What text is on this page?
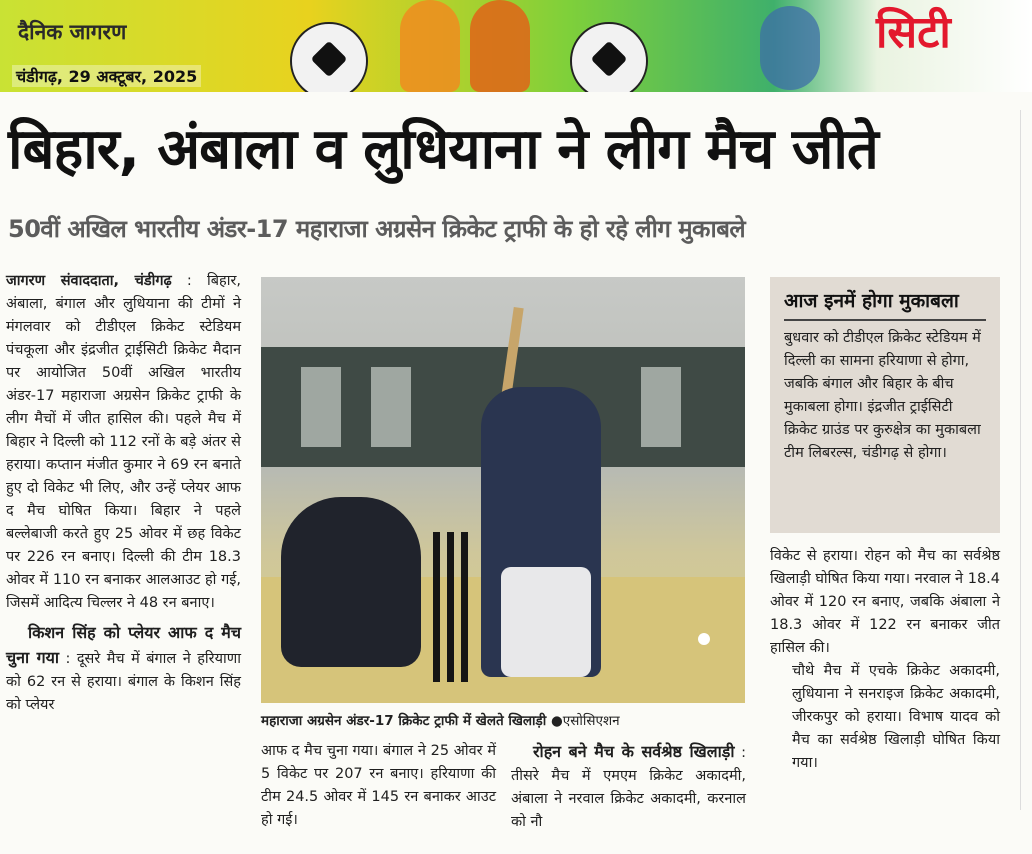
दैनिक जागरण
चंडीगढ़, 29 अक्टूबर, 2025
सिटी
बिहार, अंबाला व लुधियाना ने लीग मैच जीते
50वीं अखिल भारतीय अंडर-17 महाराजा अग्रसेन क्रिकेट ट्राफी के हो रहे लीग मुकाबले
जागरण संवाददाता, चंडीगढ़ : बिहार, अंबाला, बंगाल और लुधियाना की टीमों ने मंगलवार को टीडीएल क्रिकेट स्टेडियम पंचकूला और इंद्रजीत ट्राईसिटी क्रिकेट मैदान पर आयोजित 50वीं अखिल भारतीय अंडर-17 महाराजा अग्रसेन क्रिकेट ट्राफी के लीग मैचों में जीत हासिल की। पहले मैच में बिहार ने दिल्ली को 112 रनों के बड़े अंतर से हराया। कप्तान मंजीत कुमार ने 69 रन बनाते हुए दो विकेट भी लिए, और उन्हें प्लेयर आफ द मैच घोषित किया। बिहार ने पहले बल्लेबाजी करते हुए 25 ओवर में छह विकेट पर 226 रन बनाए। दिल्ली की टीम 18.3 ओवर में 110 रन बनाकर आलआउट हो गई, जिसमें आदित्य चिल्लर ने 48 रन बनाए।
किशन सिंह को प्लेयर आफ द मैच चुना गया : दूसरे मैच में बंगाल ने हरियाणा को 62 रन से हराया। बंगाल के किशन सिंह को प्लेयर
महाराजा अग्रसेन अंडर-17 क्रिकेट ट्राफी में खेलते खिलाड़ी ●एसोसिएशन
आफ द मैच चुना गया। बंगाल ने 25 ओवर में 5 विकेट पर 207 रन बनाए। हरियाणा की टीम 24.5 ओवर में 145 रन बनाकर आउट हो गई।
रोहन बने मैच के सर्वश्रेष्ठ खिलाड़ी : तीसरे मैच में एमएम क्रिकेट अकादमी, अंबाला ने नरवाल क्रिकेट अकादमी, करनाल को नौ
आज इनमें होगा मुकाबला
बुधवार को टीडीएल क्रिकेट स्टेडियम में दिल्ली का सामना हरियाणा से होगा, जबकि बंगाल और बिहार के बीच मुकाबला होगा। इंद्रजीत ट्राईसिटी क्रिकेट ग्राउंड पर कुरुक्षेत्र का मुकाबला टीम लिबरल्स, चंडीगढ़ से होगा।
विकेट से हराया। रोहन को मैच का सर्वश्रेष्ठ खिलाड़ी घोषित किया गया। नरवाल ने 18.4 ओवर में 120 रन बनाए, जबकि अंबाला ने 18.3 ओवर में 122 रन बनाकर जीत हासिल की।
चौथे मैच में एचके क्रिकेट अकादमी, लुधियाना ने सनराइज क्रिकेट अकादमी, जीरकपुर को हराया। विभाष यादव को मैच का सर्वश्रेष्ठ खिलाड़ी घोषित किया गया।
